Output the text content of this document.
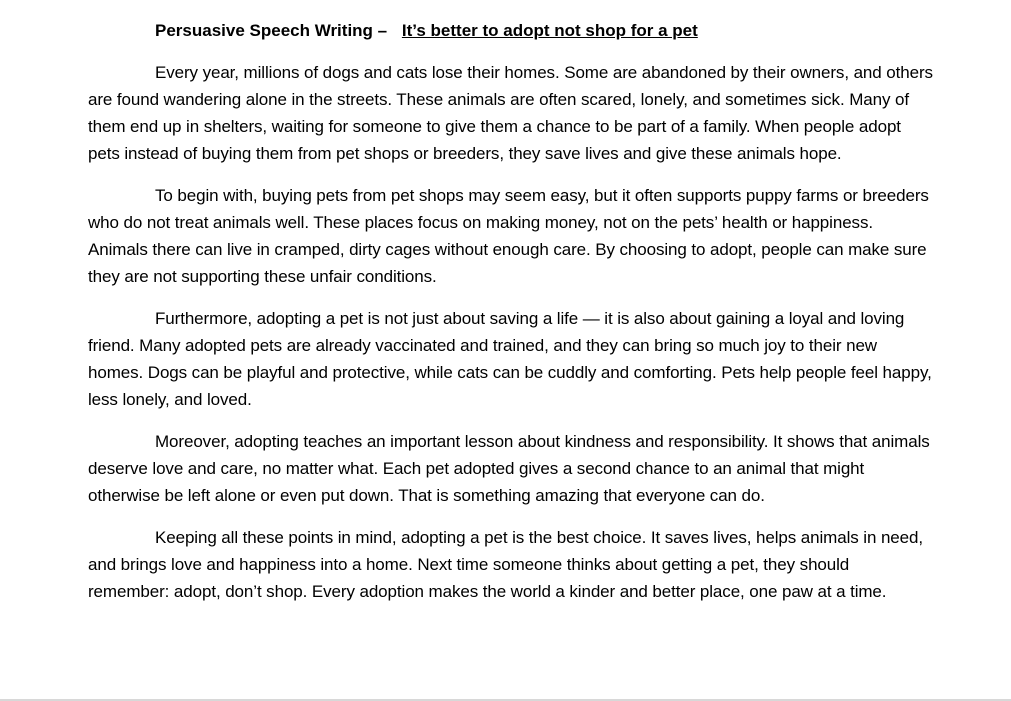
Persuasive Speech Writing – It’s better to adopt not shop for a pet

Every year, millions of dogs and cats lose their homes. Some are abandoned by their owners, and others are found wandering alone in the streets. These animals are often scared, lonely, and sometimes sick. Many of them end up in shelters, waiting for someone to give them a chance to be part of a family. When people adopt pets instead of buying them from pet shops or breeders, they save lives and give these animals hope.

To begin with, buying pets from pet shops may seem easy, but it often supports puppy farms or breeders who do not treat animals well. These places focus on making money, not on the pets’ health or happiness. Animals there can live in cramped, dirty cages without enough care. By choosing to adopt, people can make sure they are not supporting these unfair conditions.

Furthermore, adopting a pet is not just about saving a life — it is also about gaining a loyal and loving friend. Many adopted pets are already vaccinated and trained, and they can bring so much joy to their new homes. Dogs can be playful and protective, while cats can be cuddly and comforting. Pets help people feel happy, less lonely, and loved.

Moreover, adopting teaches an important lesson about kindness and responsibility. It shows that animals deserve love and care, no matter what. Each pet adopted gives a second chance to an animal that might otherwise be left alone or even put down. That is something amazing that everyone can do.

Keeping all these points in mind, adopting a pet is the best choice. It saves lives, helps animals in need, and brings love and happiness into a home. Next time someone thinks about getting a pet, they should remember: adopt, don’t shop. Every adoption makes the world a kinder and better place, one paw at a time.
